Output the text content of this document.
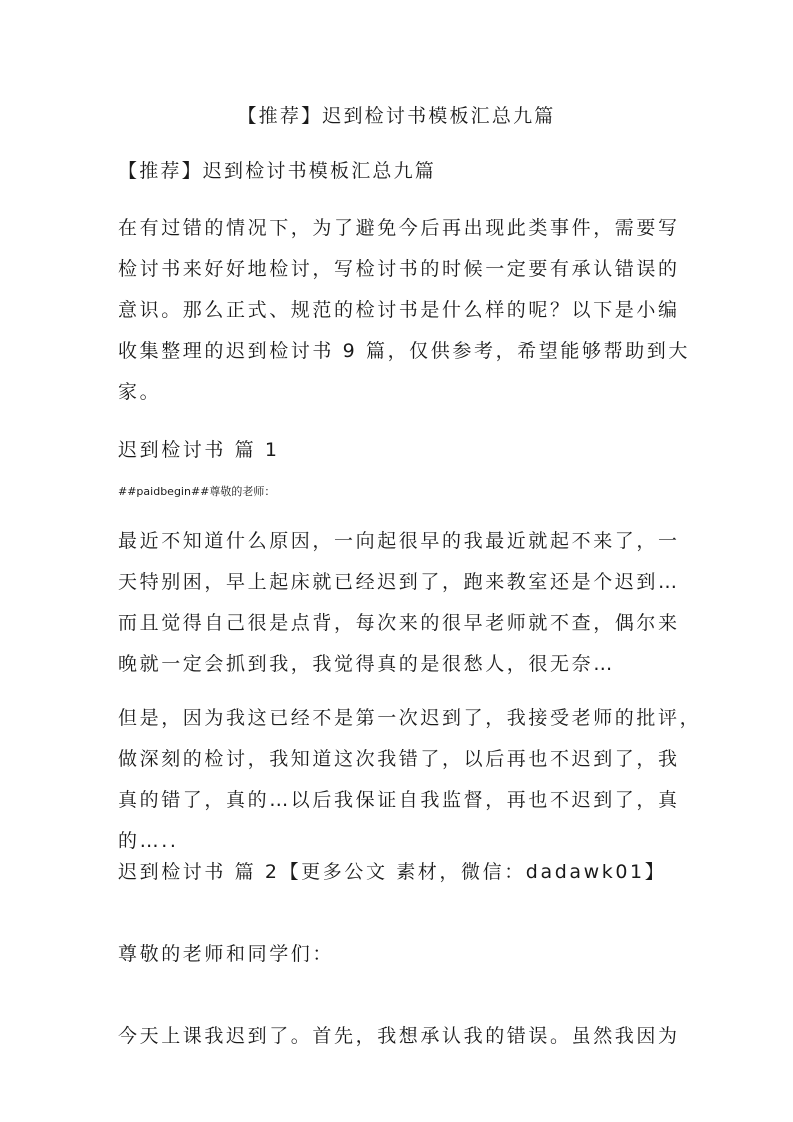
【推荐】迟到检讨书模板汇总九篇
【推荐】迟到检讨书模板汇总九篇
在有过错的情况下，为了避免今后再出现此类事件，需要写
检讨书来好好地检讨，写检讨书的时候一定要有承认错误的
意识。那么正式、规范的检讨书是什么样的呢？以下是小编
收集整理的迟到检讨书 9 篇，仅供参考，希望能够帮助到大
家。
迟到检讨书 篇 1
##paidbegin##尊敬的老师：
最近不知道什么原因，一向起很早的我最近就起不来了，一
天特别困，早上起床就已经迟到了，跑来教室还是个迟到…
而且觉得自己很是点背，每次来的很早老师就不查，偶尔来
晚就一定会抓到我，我觉得真的是很愁人，很无奈…
但是，因为我这已经不是第一次迟到了，我接受老师的批评，
做深刻的检讨，我知道这次我错了，以后再也不迟到了，我
真的错了，真的…以后我保证自我监督，再也不迟到了，真
的…..
迟到检讨书 篇 2【更多公文 素材，微信：dadawk01】
尊敬的老师和同学们：
今天上课我迟到了。首先，我想承认我的错误。虽然我因为
